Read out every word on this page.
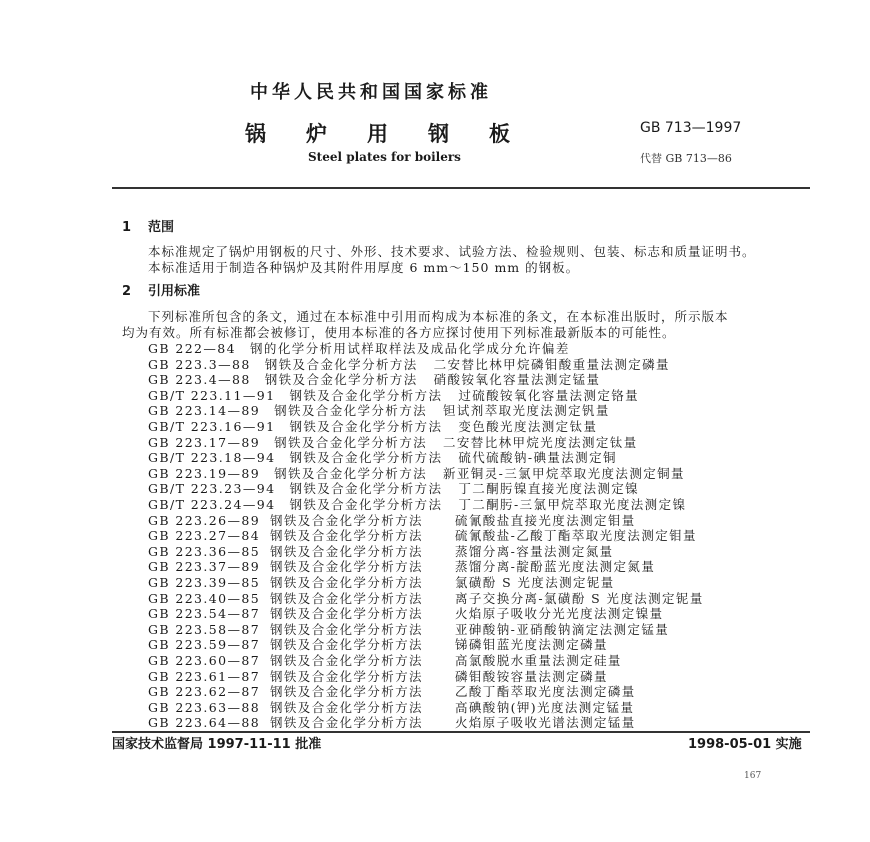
中华人民共和国国家标准
锅 炉 用 钢 板
Steel plates for boilers
GB 713—1997
代替 GB 713—86
1 范围
本标准规定了锅炉用钢板的尺寸、外形、技术要求、试验方法、检验规则、包装、标志和质量证明书。
本标准适用于制造各种锅炉及其附件用厚度 6 mm～150 mm 的钢板。
2 引用标准
下列标准所包含的条文，通过在本标准中引用而构成为本标准的条文，在本标准出版时，所示版本
均为有效。所有标准都会被修订，使用本标准的各方应探讨使用下列标准最新版本的可能性。
GB 222—84 钢的化学分析用试样取样法及成品化学成分允许偏差
GB 223.3—88 钢铁及合金化学分析方法 二安替比林甲烷磷钼酸重量法测定磷量
GB 223.4—88 钢铁及合金化学分析方法 硝酸铵氧化容量法测定锰量
GB/T 223.11—91 钢铁及合金化学分析方法 过硫酸铵氧化容量法测定铬量
GB 223.14—89 钢铁及合金化学分析方法 钽试剂萃取光度法测定钒量
GB/T 223.16—91 钢铁及合金化学分析方法 变色酸光度法测定钛量
GB 223.17—89 钢铁及合金化学分析方法 二安替比林甲烷光度法测定钛量
GB/T 223.18—94 钢铁及合金化学分析方法 硫代硫酸钠-碘量法测定铜
GB 223.19—89 钢铁及合金化学分析方法 新亚铜灵-三氯甲烷萃取光度法测定铜量
GB/T 223.23—94 钢铁及合金化学分析方法 丁二酮肟镍直接光度法测定镍
GB/T 223.24—94 钢铁及合金化学分析方法 丁二酮肟-三氯甲烷萃取光度法测定镍
GB 223.26—89 钢铁及合金化学分析方法	硫氰酸盐直接光度法测定钼量
GB 223.27—84 钢铁及合金化学分析方法	硫氰酸盐-乙酸丁酯萃取光度法测定钼量
GB 223.36—85 钢铁及合金化学分析方法	蒸馏分离-容量法测定氮量
GB 223.37—89 钢铁及合金化学分析方法	蒸馏分离-靛酚蓝光度法测定氮量
GB 223.39—85 钢铁及合金化学分析方法	氯磺酚 S 光度法测定铌量
GB 223.40—85 钢铁及合金化学分析方法	离子交换分离-氯磺酚 S 光度法测定铌量
GB 223.54—87 钢铁及合金化学分析方法	火焰原子吸收分光光度法测定镍量
GB 223.58—87 钢铁及合金化学分析方法	亚砷酸钠-亚硝酸钠滴定法测定锰量
GB 223.59—87 钢铁及合金化学分析方法	锑磷钼蓝光度法测定磷量
GB 223.60—87 钢铁及合金化学分析方法	高氯酸脱水重量法测定硅量
GB 223.61—87 钢铁及合金化学分析方法	磷钼酸铵容量法测定磷量
GB 223.62—87 钢铁及合金化学分析方法	乙酸丁酯萃取光度法测定磷量
GB 223.63—88 钢铁及合金化学分析方法	高碘酸钠(钾)光度法测定锰量
GB 223.64—88 钢铁及合金化学分析方法	火焰原子吸收光谱法测定锰量
国家技术监督局 1997-11-11 批准	1998-05-01 实施
167
